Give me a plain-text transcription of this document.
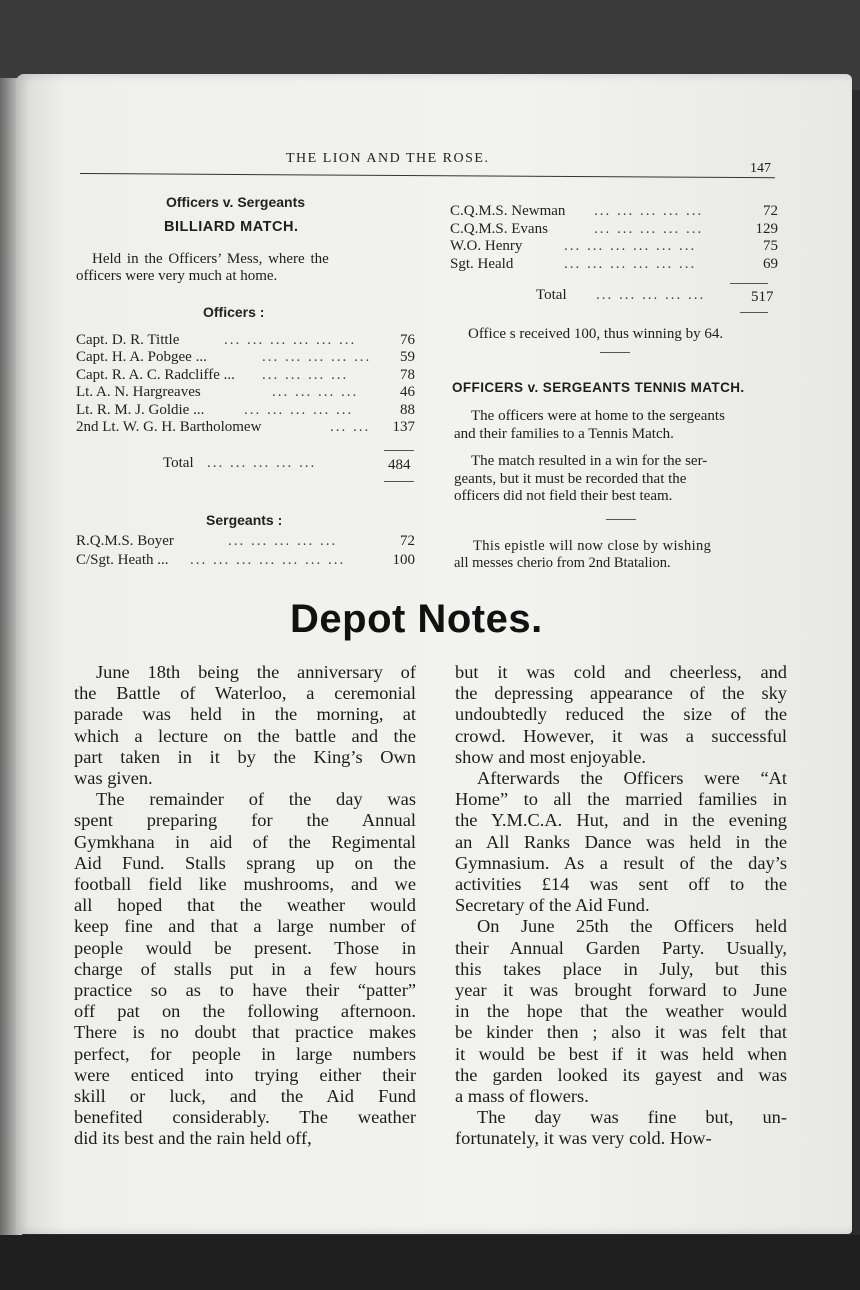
THE LION AND THE ROSE.
147
Officers v. Sergeants
BILLIARD MATCH.
Held in the Officers’ Mess, where the
officers were very much at home.
Officers :
Capt. D. R. Tittle	... ... ... ... ... ...	76
Capt. H. A. Pobgee ...	... ... ... ... ... 59
Capt. R. A. C. Radcliffe ... ... ... ... ...	78
Lt. A. N. Hargreaves	... ... ... ...	46
Lt. R. M. J. Goldie ...	... ... ... ... ...	88
2nd Lt. W. G. H. Bartholomew	... ... 137
Total ... ... ... ... ...	484
Sergeants :
R.Q.M.S. Boyer	... ... ... ... ...	72
C/Sgt. Heath ... ... ... ... ... ... ... ...	100
C.Q.M.S. Newman ... ... ... ... ...	72
C.Q.M.S. Evans	... ... ... ... ...	129
W.O. Henry	... ... ... ... ... ...	75
Sgt. Heald	... ... ... ... ... ...	69
Total ... ... ... ... ...	517
Office s received 100, thus winning by 64.
OFFICERS v. SERGEANTS TENNIS MATCH.
The officers were at home to the sergeants
and their families to a Tennis Match.
The match resulted in a win for the ser-
geants, but it must be recorded that the
officers did not field their best team.
This epistle will now close by wishing
all messes cherio from 2nd Btatalion.
Depot Notes.
June 18th being the anniversary of
the Battle of Waterloo, a ceremonial
parade was held in the morning, at
which a lecture on the battle and the
part taken in it by the King’s Own
was given.
The remainder of the day was
spent preparing for the Annual
Gymkhana in aid of the Regimental
Aid Fund. Stalls sprang up on the
football field like mushrooms, and we
all hoped that the weather would
keep fine and that a large number of
people would be present. Those in
charge of stalls put in a few hours
practice so as to have their “patter”
off pat on the following afternoon.
There is no doubt that practice makes
perfect, for people in large numbers
were enticed into trying either their
skill or luck, and the Aid Fund
benefited considerably. The weather
did its best and the rain held off,
but it was cold and cheerless, and
the depressing appearance of the sky
undoubtedly reduced the size of the
crowd. However, it was a successful
show and most enjoyable.
Afterwards the Officers were “At
Home” to all the married families in
the Y.M.C.A. Hut, and in the evening
an All Ranks Dance was held in the
Gymnasium. As a result of the day’s
activities £14 was sent off to the
Secretary of the Aid Fund.
On June 25th the Officers held
their Annual Garden Party. Usually,
this takes place in July, but this
year it was brought forward to June
in the hope that the weather would
be kinder then ; also it was felt that
it would be best if it was held when
the garden looked its gayest and was
a mass of flowers.
The day was fine but, un-
fortunately, it was very cold. How-
